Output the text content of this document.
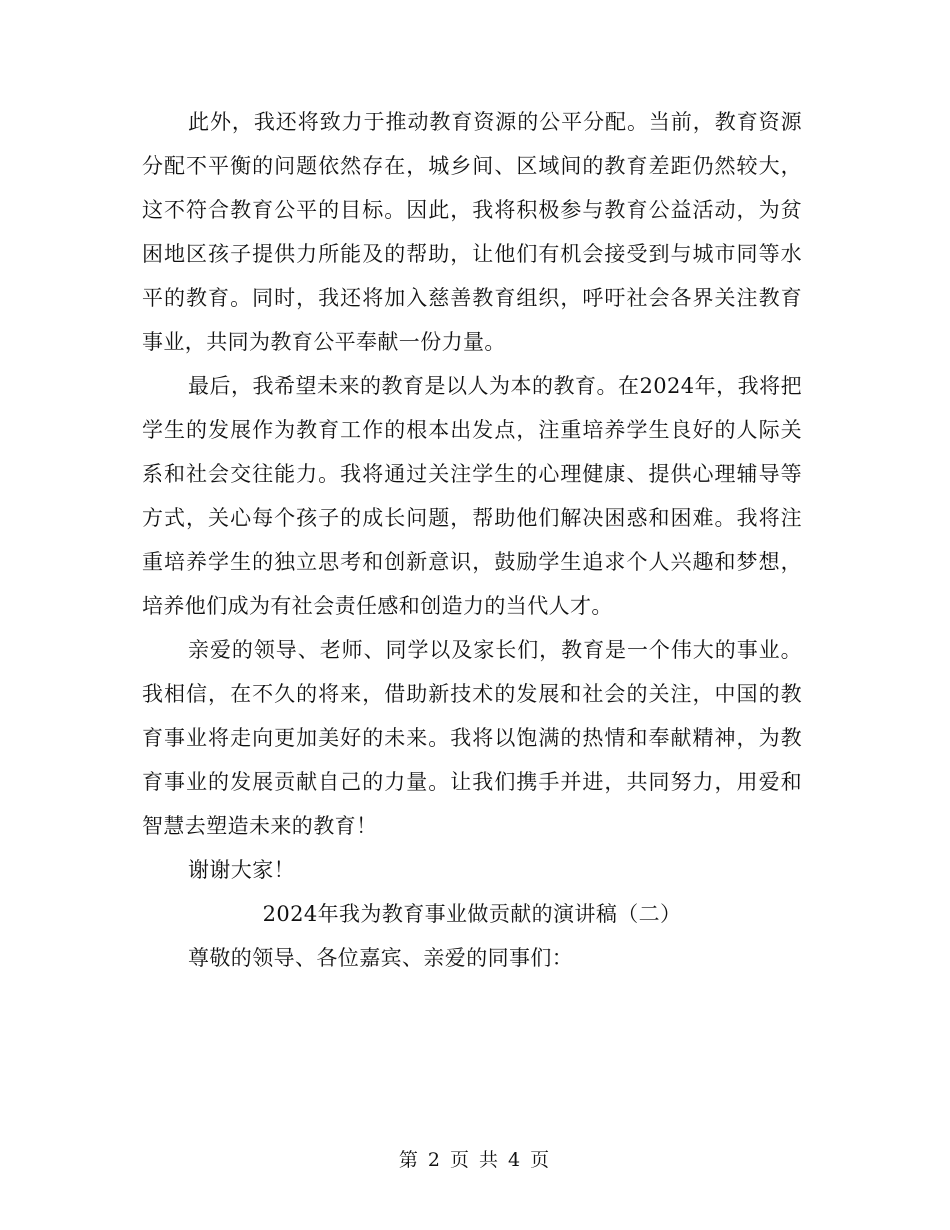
此外，我还将致力于推动教育资源的公平分配。当前，教育资源分配不平衡的问题依然存在，城乡间、区域间的教育差距仍然较大，这不符合教育公平的目标。因此，我将积极参与教育公益活动，为贫困地区孩子提供力所能及的帮助，让他们有机会接受到与城市同等水平的教育。同时，我还将加入慈善教育组织，呼吁社会各界关注教育事业，共同为教育公平奉献一份力量。

最后，我希望未来的教育是以人为本的教育。在2024年，我将把学生的发展作为教育工作的根本出发点，注重培养学生良好的人际关系和社会交往能力。我将通过关注学生的心理健康、提供心理辅导等方式，关心每个孩子的成长问题，帮助他们解决困惑和困难。我将注重培养学生的独立思考和创新意识，鼓励学生追求个人兴趣和梦想，培养他们成为有社会责任感和创造力的当代人才。

亲爱的领导、老师、同学以及家长们，教育是一个伟大的事业。我相信，在不久的将来，借助新技术的发展和社会的关注，中国的教育事业将走向更加美好的未来。我将以饱满的热情和奉献精神，为教育事业的发展贡献自己的力量。让我们携手并进，共同努力，用爱和智慧去塑造未来的教育！

谢谢大家！

2024年我为教育事业做贡献的演讲稿（二）

尊敬的领导、各位嘉宾、亲爱的同事们：

第 2 页 共 4 页
